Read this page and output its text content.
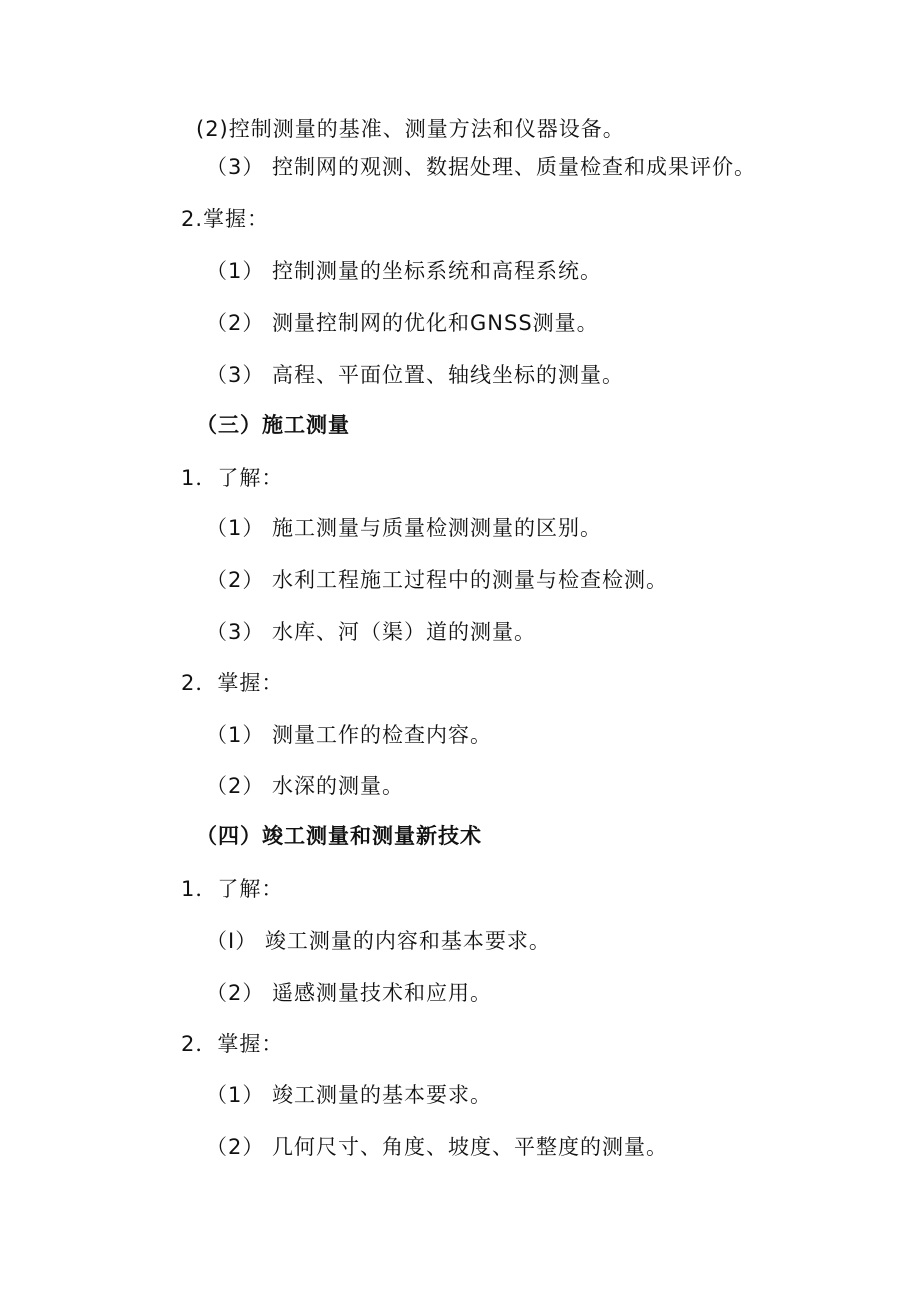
(2)控制测量的基准、测量方法和仪器设备。
（3） 控制网的观测、数据处理、质量检查和成果评价。
2.掌握：
（1） 控制测量的坐标系统和高程系统。
（2） 测量控制网的优化和GNSS测量。
（3） 高程、平面位置、轴线坐标的测量。
（三）施工测量
1．了解：
（1） 施工测量与质量检测测量的区别。
（2） 水利工程施工过程中的测量与检查检测。
（3） 水库、河（渠）道的测量。
2．掌握：
（1） 测量工作的检查内容。
（2） 水深的测量。
（四）竣工测量和测量新技术
1．了解：
（I） 竣工测量的内容和基本要求。
（2） 遥感测量技术和应用。
2．掌握：
（1） 竣工测量的基本要求。
（2） 几何尺寸、角度、坡度、平整度的测量。
